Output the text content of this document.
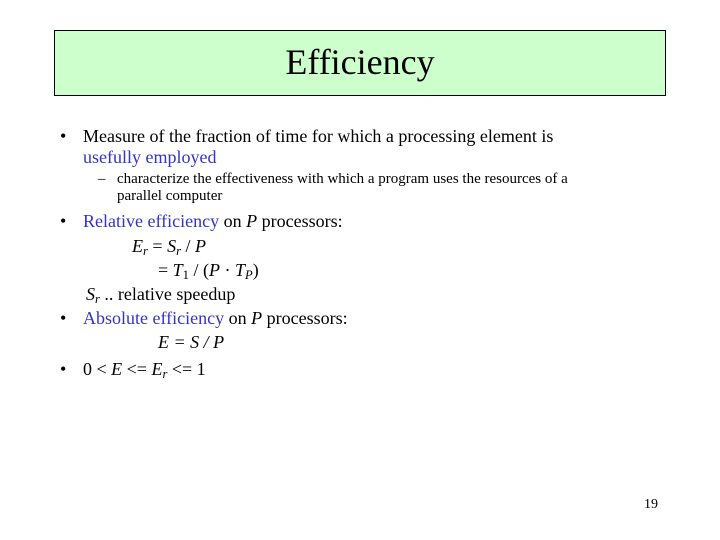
Efficiency
• Measure of the fraction of time for which a processing element is
usefully employed
– characterize the effectiveness with which a program uses the resources of a
parallel computer
• Relative efficiency on P processors:
$E_r = S_r / P$
= $T_1 / (P \cdot T_P)$
$S_r$ .. relative speedup
• Absolute efficiency on P processors:
E = S / P
• $0 < E <= E_r <= 1$
19
